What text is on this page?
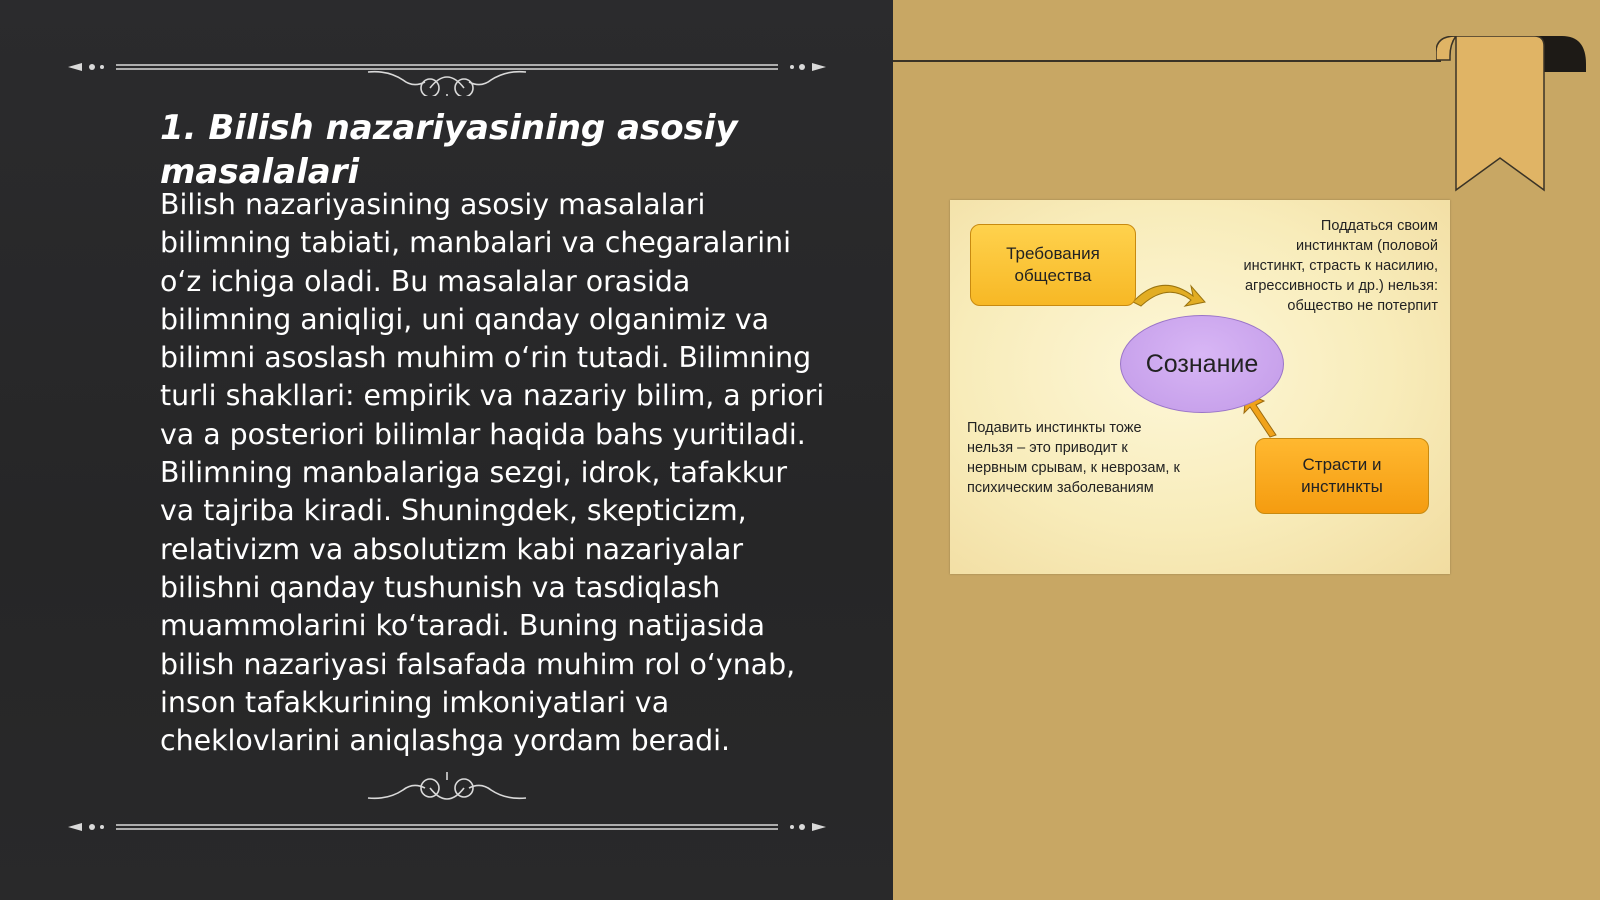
1. Bilish nazariyasining asosiy masalalari

Bilish nazariyasining asosiy masalalari bilimning tabiati, manbalari va chegaralarini o‘z ichiga oladi. Bu masalalar orasida bilimning aniqligi, uni qanday olganimiz va bilimni asoslash muhim o‘rin tutadi. Bilimning turli shakllari: empirik va nazariy bilim, a priori va a posteriori bilimlar haqida bahs yuritiladi. Bilimning manbalariga sezgi, idrok, tafakkur va tajriba kiradi. Shuningdek, skepticizm, relativizm va absolutizm kabi nazariyalar bilishni qanday tushunish va tasdiqlash muammolarini ko‘taradi. Buning natijasida bilish nazariyasi falsafada muhim rol o‘ynab, inson tafakkurining imkoniyatlari va cheklovlarini aniqlashga yordam beradi.

Требования общества
Сознание
Страсти и инстинкты
Поддаться своим инстинктам (половой инстинкт, страсть к насилию, агрессивность и др.) нельзя: общество не потерпит
Подавить инстинкты тоже нельзя – это приводит к нервным срывам, к неврозам, к психическим заболеваниям
